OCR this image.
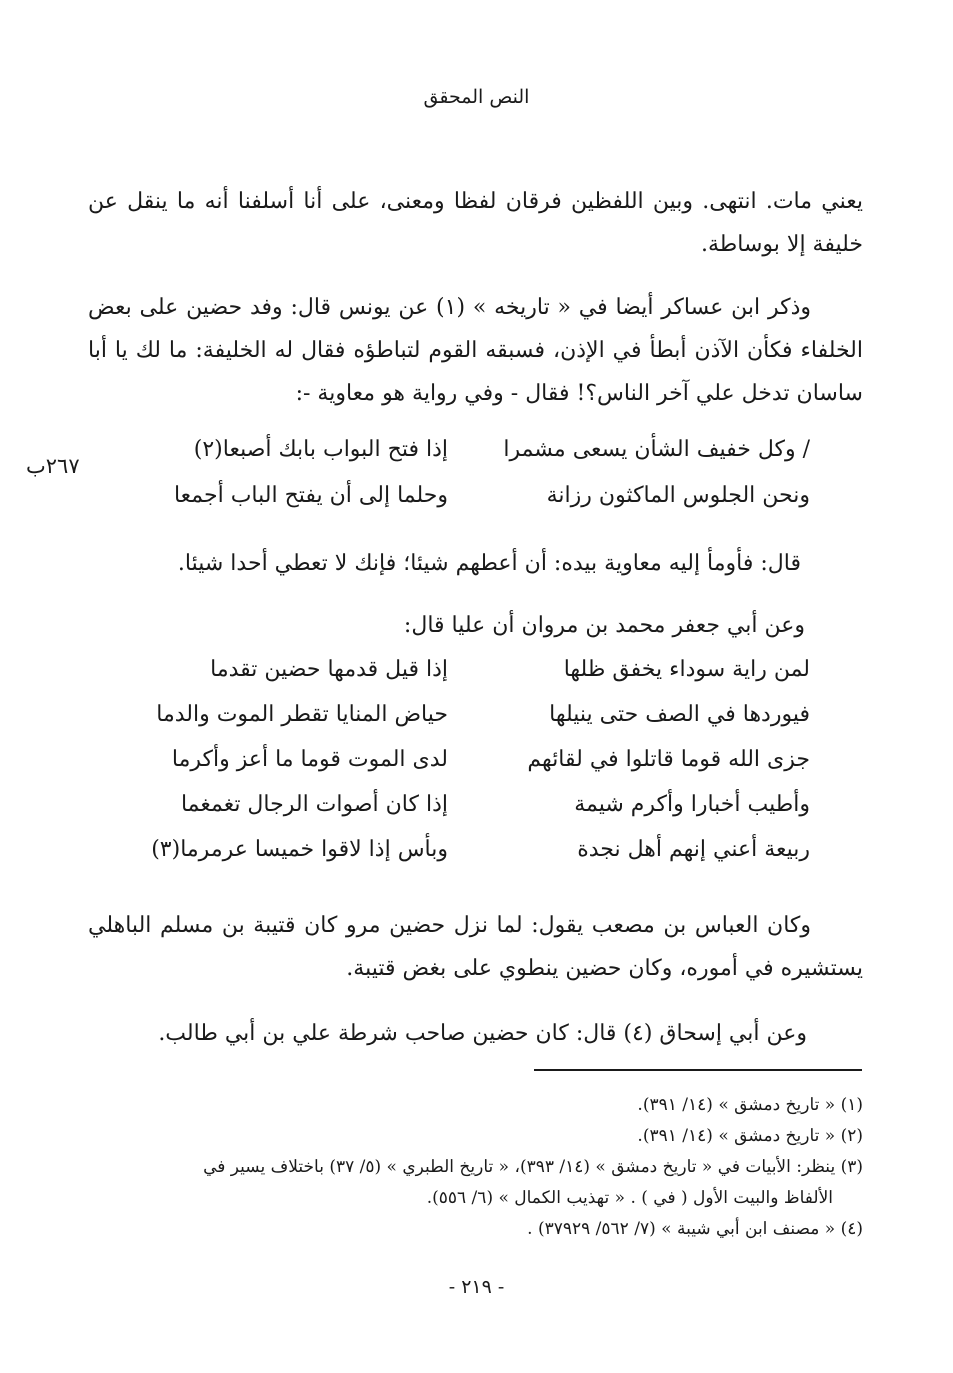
النص المحقق

يعني مات. انتهى. وبين اللفظين فرقان لفظا ومعنى، على أنا أسلفنا أنه ما ينقل عن خليفة إلا بوساطة.

وذكر ابن عساكر أيضا في « تاريخه » (١) عن يونس قال: وفد حضين على بعض الخلفاء فكأن الآذن أبطأ في الإذن، فسبقه القوم لتباطؤه فقال له الخليفة: ما لك يا أبا ساسان تدخل علي آخر الناس؟! فقال - وفي رواية هو معاوية -:

٢٦٧ب
/ وكل خفيف الشأن يسعى مشمرا
إذا فتح البواب بابك أصبعا(٢)
ونحن الجلوس الماكثون رزانة
وحلما إلى أن يفتح الباب أجمعا

قال: فأومأ إليه معاوية بيده: أن أعطهم شيئا؛ فإنك لا تعطي أحدا شيئا.

وعن أبي جعفر محمد بن مروان أن عليا قال:

لمن راية سوداء يخفق ظلها
إذا قيل قدمها حضين تقدما
فيوردها في الصف حتى ينيلها
حياض المنايا تقطر الموت والدما
جزى الله قوما قاتلوا في لقائهم
لدى الموت قوما ما أعز وأكرما
وأطيب أخبارا وأكرم شيمة
إذا كان أصوات الرجال تغمغما
ربيعة أعني إنهم أهل نجدة
وبأس إذا لاقوا خميسا عرمرما(٣)

وكان العباس بن مصعب يقول: لما نزل حضين مرو كان قتيبة بن مسلم الباهلي يستشيره في أموره، وكان حضين ينطوي على بغض قتيبة.

وعن أبي إسحاق (٤) قال: كان حضين صاحب شرطة علي بن أبي طالب.

(١) « تاريخ دمشق » (١٤/ ٣٩١).

(٢) « تاريخ دمشق » (١٤/ ٣٩١).

(٣) ينظر: الأبيات في « تاريخ دمشق » (١٤/ ٣٩٣)، « تاريخ الطبري » (٥/ ٣٧) باختلاف يسير في

الألفاظ والبيت الأول ( في ) . « تهذيب الكمال » (٦/ ٥٥٦).

(٤) « مصنف ابن أبي شيبة » (٧/ ٥٦٢/ ٣٧٩٢٩) .

- ٢١٩ -
